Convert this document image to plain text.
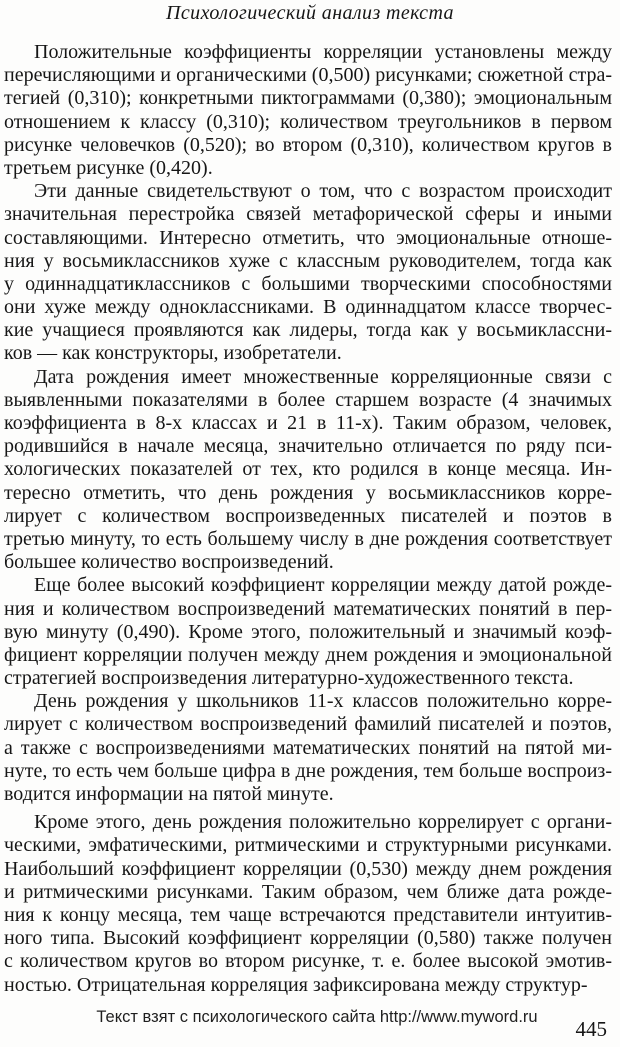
Психологический анализ текста
Положительные коэффициенты корреляции установлены между
перечисляющими и органическими (0,500) рисунками; сюжетной стра-
тегией (0,310); конкретными пиктограммами (0,380); эмоциональным
отношением к классу (0,310); количеством треугольников в первом
рисунке человечков (0,520); во втором (0,310), количеством кругов в
третьем рисунке (0,420).
Эти данные свидетельствуют о том, что с возрастом происходит
значительная перестройка связей метафорической сферы и иными
составляющими. Интересно отметить, что эмоциональные отноше-
ния у восьмиклассников хуже с классным руководителем, тогда как
у одиннадцатиклассников с большими творческими способностями
они хуже между одноклассниками. В одиннадцатом классе творчес-
кие учащиеся проявляются как лидеры, тогда как у восьмиклассни-
ков — как конструкторы, изобретатели.
Дата рождения имеет множественные корреляционные связи с
выявленными показателями в более старшем возрасте (4 значимых
коэффициента в 8-х классах и 21 в 11-х). Таким образом, человек,
родившийся в начале месяца, значительно отличается по ряду пси-
хологических показателей от тех, кто родился в конце месяца. Ин-
тересно отметить, что день рождения у восьмиклассников корре-
лирует с количеством воспроизведенных писателей и поэтов в
третью минуту, то есть большему числу в дне рождения соответствует
большее количество воспроизведений.
Еще более высокий коэффициент корреляции между датой рожде-
ния и количеством воспроизведений математических понятий в пер-
вую минуту (0,490). Кроме этого, положительный и значимый коэф-
фициент корреляции получен между днем рождения и эмоциональной
стратегией воспроизведения литературно-художественного текста.
День рождения у школьников 11-х классов положительно корре-
лирует с количеством воспроизведений фамилий писателей и поэтов,
а также с воспроизведениями математических понятий на пятой ми-
нуте, то есть чем больше цифра в дне рождения, тем больше воспроиз-
водится информации на пятой минуте.
Кроме этого, день рождения положительно коррелирует с органи-
ческими, эмфатическими, ритмическими и структурными рисунками.
Наибольший коэффициент корреляции (0,530) между днем рождения
и ритмическими рисунками. Таким образом, чем ближе дата рожде-
ния к концу месяца, тем чаще встречаются представители интуитив-
ного типа. Высокий коэффициент корреляции (0,580) также получен
с количеством кругов во втором рисунке, т. е. более высокой эмотив-
ностью. Отрицательная корреляция зафиксирована между структур-
Текст взят с психологического сайта http://www.myword.ru	445
